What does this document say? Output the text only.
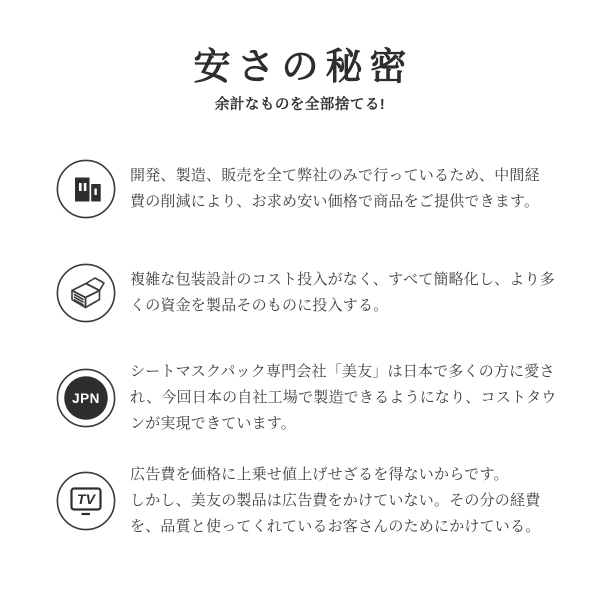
安さの秘密
余計なものを全部捨てる!
開発、製造、販売を全て弊社のみで行っているため、中間経
費の削減により、お求め安い価格で商品をご提供できます。
複雑な包装設計のコスト投入がなく、すべて簡略化し、より多
くの資金を製品そのものに投入する。
JPN
シートマスクパック専門会社「美友」は日本で多くの方に愛さ
れ、今回日本の自社工場で製造できるようになり、コストタウ
ンが実現できています。
TV
広告費を価格に上乗せ値上げせざるを得ないからです。
しかし、美友の製品は広告費をかけていない。その分の経費
を、品質と使ってくれているお客さんのためにかけている。
